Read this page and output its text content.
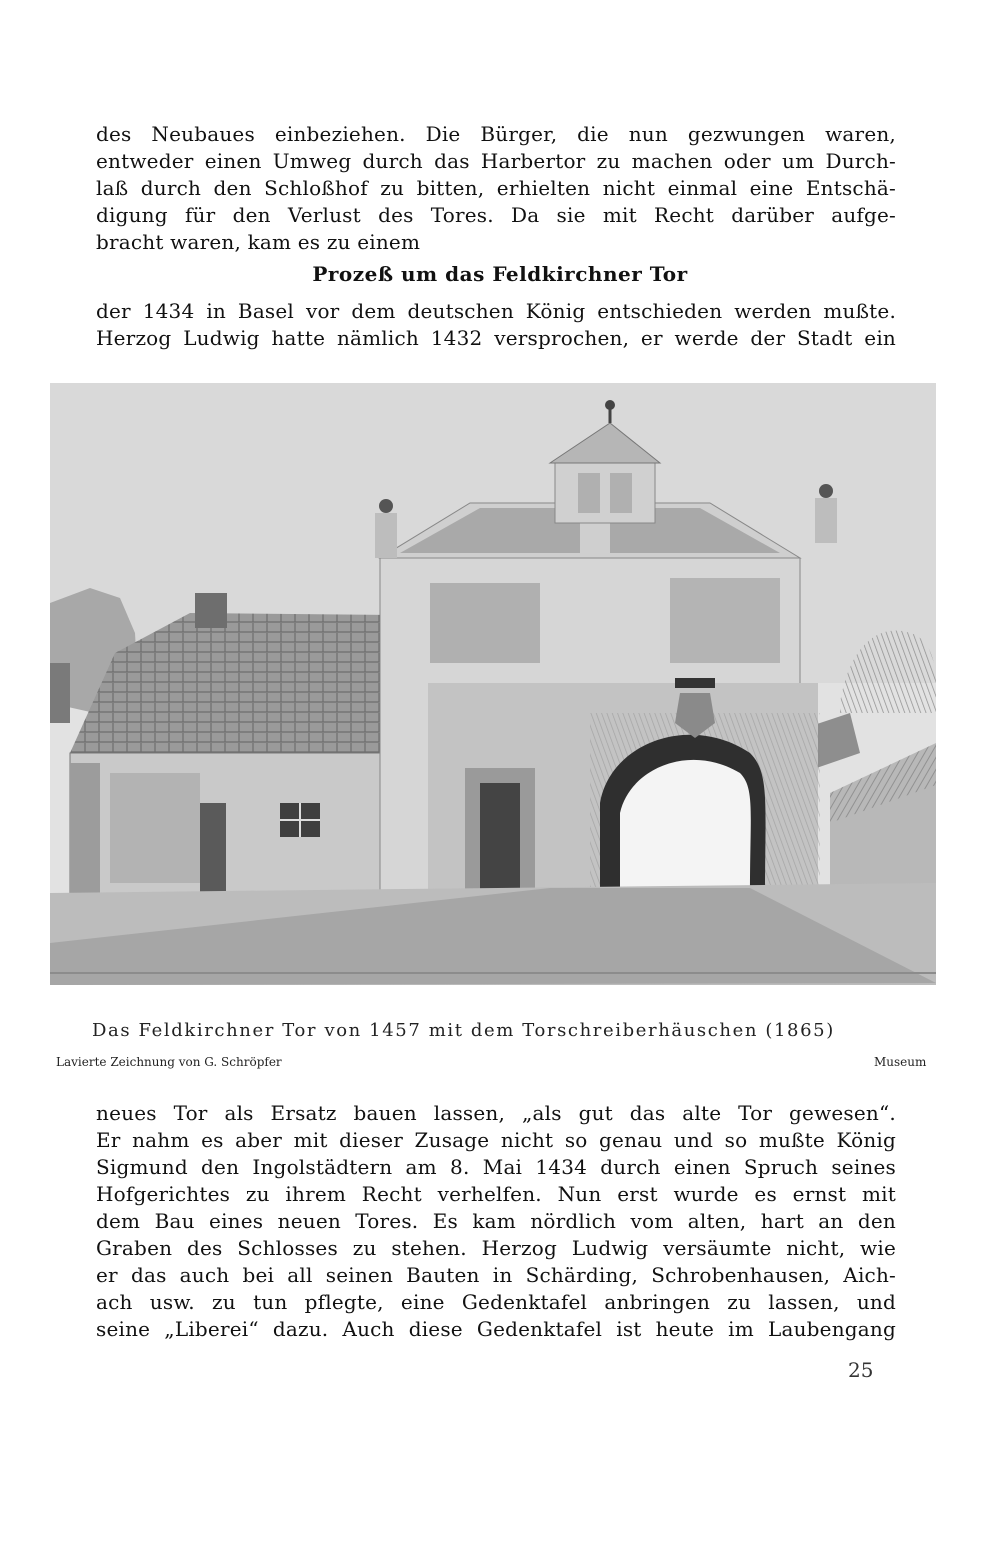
des Neubaues einbeziehen. Die Bürger, die nun gezwungen waren,
entweder einen Umweg durch das Harbertor zu machen oder um Durch-
laß durch den Schloßhof zu bitten, erhielten nicht einmal eine Entschä-
digung für den Verlust des Tores. Da sie mit Recht darüber aufge-
bracht waren, kam es zu einem
Prozeß um das Feldkirchner Tor
der 1434 in Basel vor dem deutschen König entschieden werden mußte.
Herzog Ludwig hatte nämlich 1432 versprochen, er werde der Stadt ein
Das Feldkirchner Tor von 1457 mit dem Torschreiberhäuschen (1865)
Lavierte Zeichnung von G. Schröpfer	Museum
neues Tor als Ersatz bauen lassen, „als gut das alte Tor gewesen“.
Er nahm es aber mit dieser Zusage nicht so genau und so mußte König
Sigmund den Ingolstädtern am 8. Mai 1434 durch einen Spruch seines
Hofgerichtes zu ihrem Recht verhelfen. Nun erst wurde es ernst mit
dem Bau eines neuen Tores. Es kam nördlich vom alten, hart an den
Graben des Schlosses zu stehen. Herzog Ludwig versäumte nicht, wie
er das auch bei all seinen Bauten in Schärding, Schrobenhausen, Aich-
ach usw. zu tun pflegte, eine Gedenktafel anbringen zu lassen, und
seine „Liberei“ dazu. Auch diese Gedenktafel ist heute im Laubengang
25
